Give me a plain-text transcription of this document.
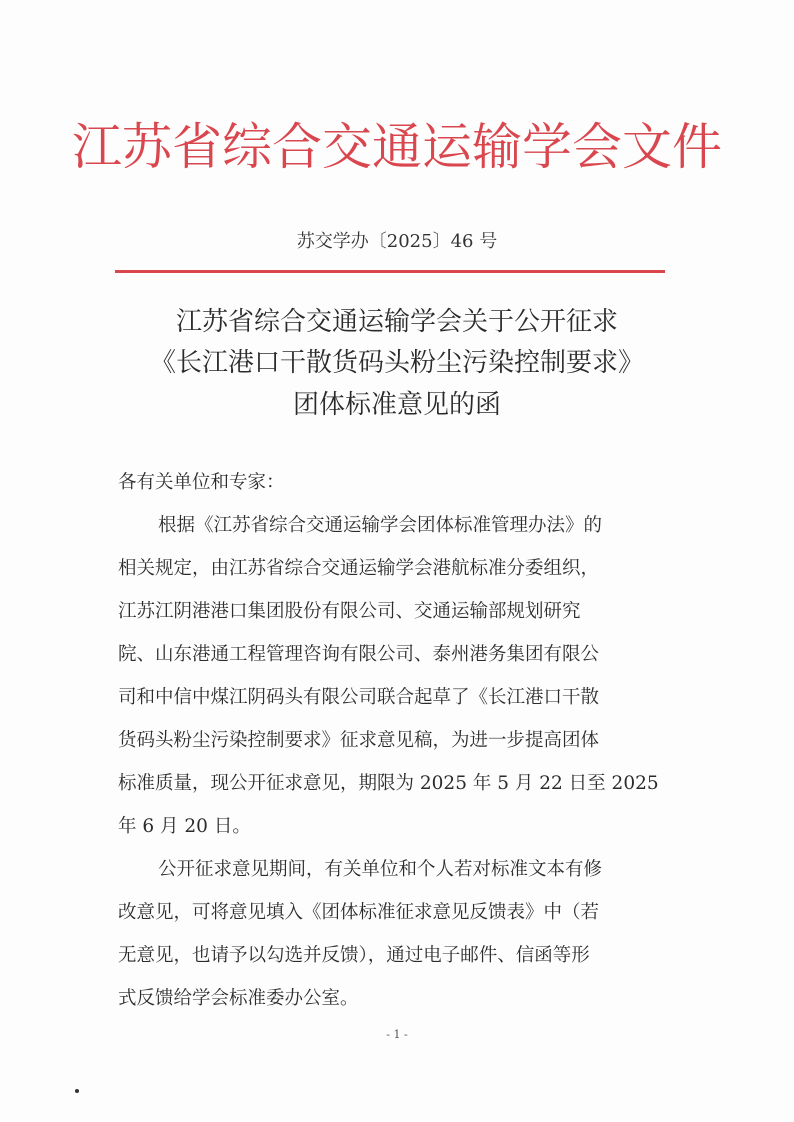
江苏省综合交通运输学会文件
苏交学办〔2025〕46 号
江苏省综合交通运输学会关于公开征求
《长江港口干散货码头粉尘污染控制要求》
团体标准意见的函
各有关单位和专家：
根据《江苏省综合交通运输学会团体标准管理办法》的
相关规定，由江苏省综合交通运输学会港航标准分委组织，
江苏江阴港港口集团股份有限公司、交通运输部规划研究
院、山东港通工程管理咨询有限公司、泰州港务集团有限公
司和中信中煤江阴码头有限公司联合起草了《长江港口干散
货码头粉尘污染控制要求》征求意见稿，为进一步提高团体
标准质量，现公开征求意见，期限为 2025 年 5 月 22 日至 2025
年 6 月 20 日。
公开征求意见期间，有关单位和个人若对标准文本有修
改意见，可将意见填入《团体标准征求意见反馈表》中（若
无意见，也请予以勾选并反馈），通过电子邮件、信函等形
式反馈给学会标准委办公室。
- 1 -
